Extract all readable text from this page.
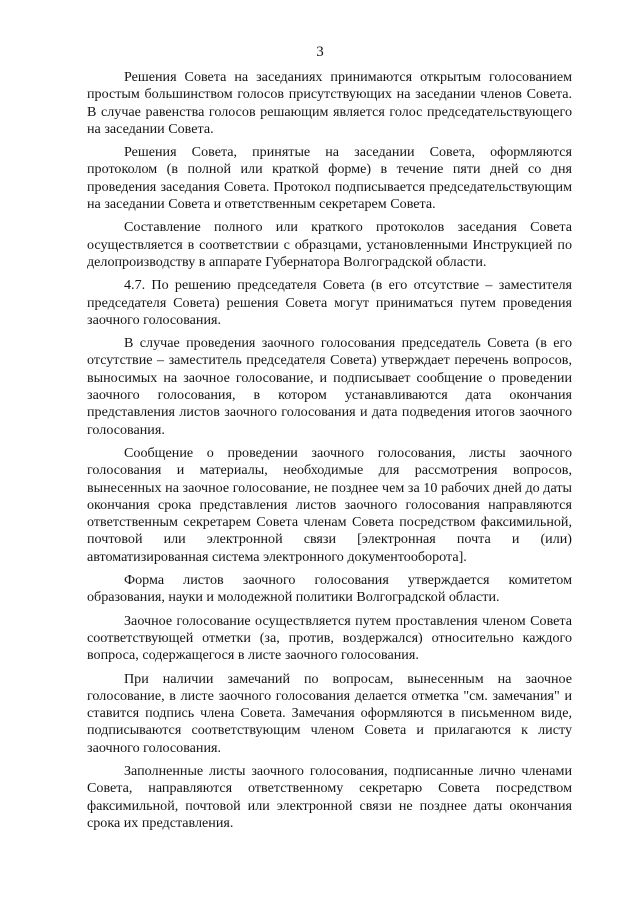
3

Решения Совета на заседаниях принимаются открытым голосованием простым большинством голосов присутствующих на заседании членов Совета. В случае равенства голосов решающим является голос председательствующего на заседании Совета.

Решения Совета, принятые на заседании Совета, оформляются протоколом (в полной или краткой форме) в течение пяти дней со дня проведения заседания Совета. Протокол подписывается председательствующим на заседании Совета и ответственным секретарем Совета.

Составление полного или краткого протоколов заседания Совета осуществляется в соответствии с образцами, установленными Инструкцией по делопроизводству в аппарате Губернатора Волгоградской области.

4.7. По решению председателя Совета (в его отсутствие – заместителя председателя Совета) решения Совета могут приниматься путем проведения заочного голосования.

В случае проведения заочного голосования председатель Совета (в его отсутствие – заместитель председателя Совета) утверждает перечень вопросов, выносимых на заочное голосование, и подписывает сообщение о проведении заочного голосования, в котором устанавливаются дата окончания представления листов заочного голосования и дата подведения итогов заочного голосования.

Сообщение о проведении заочного голосования, листы заочного голосования и материалы, необходимые для рассмотрения вопросов, вынесенных на заочное голосование, не позднее чем за 10 рабочих дней до даты окончания срока представления листов заочного голосования направляются ответственным секретарем Совета членам Совета посредством факсимильной, почтовой или электронной связи [электронная почта и (или) автоматизированная система электронного документооборота].

Форма листов заочного голосования утверждается комитетом образования, науки и молодежной политики Волгоградской области.

Заочное голосование осуществляется путем проставления членом Совета соответствующей отметки (за, против, воздержался) относительно каждого вопроса, содержащегося в листе заочного голосования.

При наличии замечаний по вопросам, вынесенным на заочное голосование, в листе заочного голосования делается отметка "см. замечания" и ставится подпись члена Совета. Замечания оформляются в письменном виде, подписываются соответствующим членом Совета и прилагаются к листу заочного голосования.

Заполненные листы заочного голосования, подписанные лично членами Совета, направляются ответственному секретарю Совета посредством факсимильной, почтовой или электронной связи не позднее даты окончания срока их представления.
